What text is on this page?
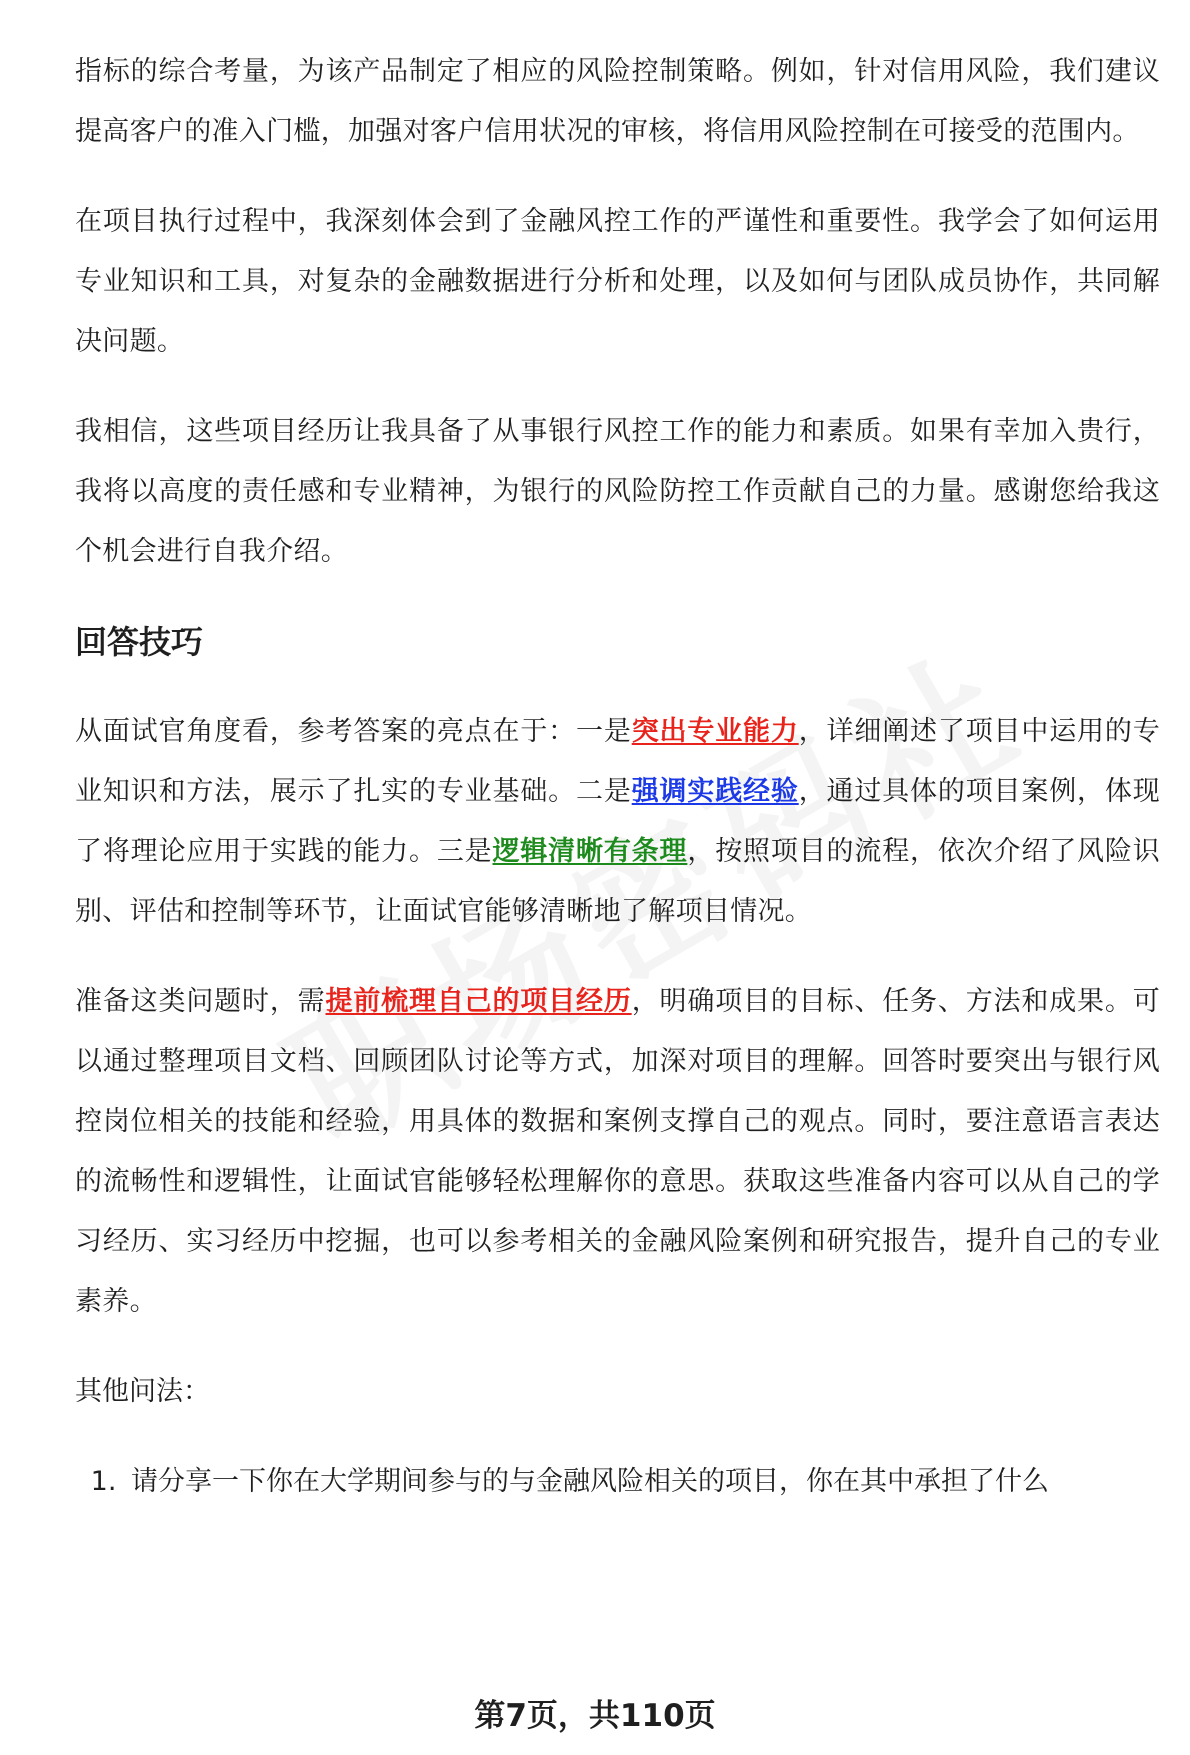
指标的综合考量，为该产品制定了相应的风险控制策略。例如，针对信用风险，我们建议提高客户的准入门槛，加强对客户信用状况的审核，将信用风险控制在可接受的范围内。

在项目执行过程中，我深刻体会到了金融风控工作的严谨性和重要性。我学会了如何运用专业知识和工具，对复杂的金融数据进行分析和处理，以及如何与团队成员协作，共同解决问题。

我相信，这些项目经历让我具备了从事银行风控工作的能力和素质。如果有幸加入贵行，我将以高度的责任感和专业精神，为银行的风险防控工作贡献自己的力量。感谢您给我这个机会进行自我介绍。

回答技巧

从面试官角度看，参考答案的亮点在于：一是突出专业能力，详细阐述了项目中运用的专业知识和方法，展示了扎实的专业基础。二是强调实践经验，通过具体的项目案例，体现了将理论应用于实践的能力。三是逻辑清晰有条理，按照项目的流程，依次介绍了风险识别、评估和控制等环节，让面试官能够清晰地了解项目情况。

准备这类问题时，需提前梳理自己的项目经历，明确项目的目标、任务、方法和成果。可以通过整理项目文档、回顾团队讨论等方式，加深对项目的理解。回答时要突出与银行风控岗位相关的技能和经验，用具体的数据和案例支撑自己的观点。同时，要注意语言表达的流畅性和逻辑性，让面试官能够轻松理解你的意思。获取这些准备内容可以从自己的学习经历、实习经历中挖掘，也可以参考相关的金融风险案例和研究报告，提升自己的专业素养。

其他问法：

1. 请分享一下你在大学期间参与的与金融风险相关的项目，你在其中承担了什么
第7页，共110页
